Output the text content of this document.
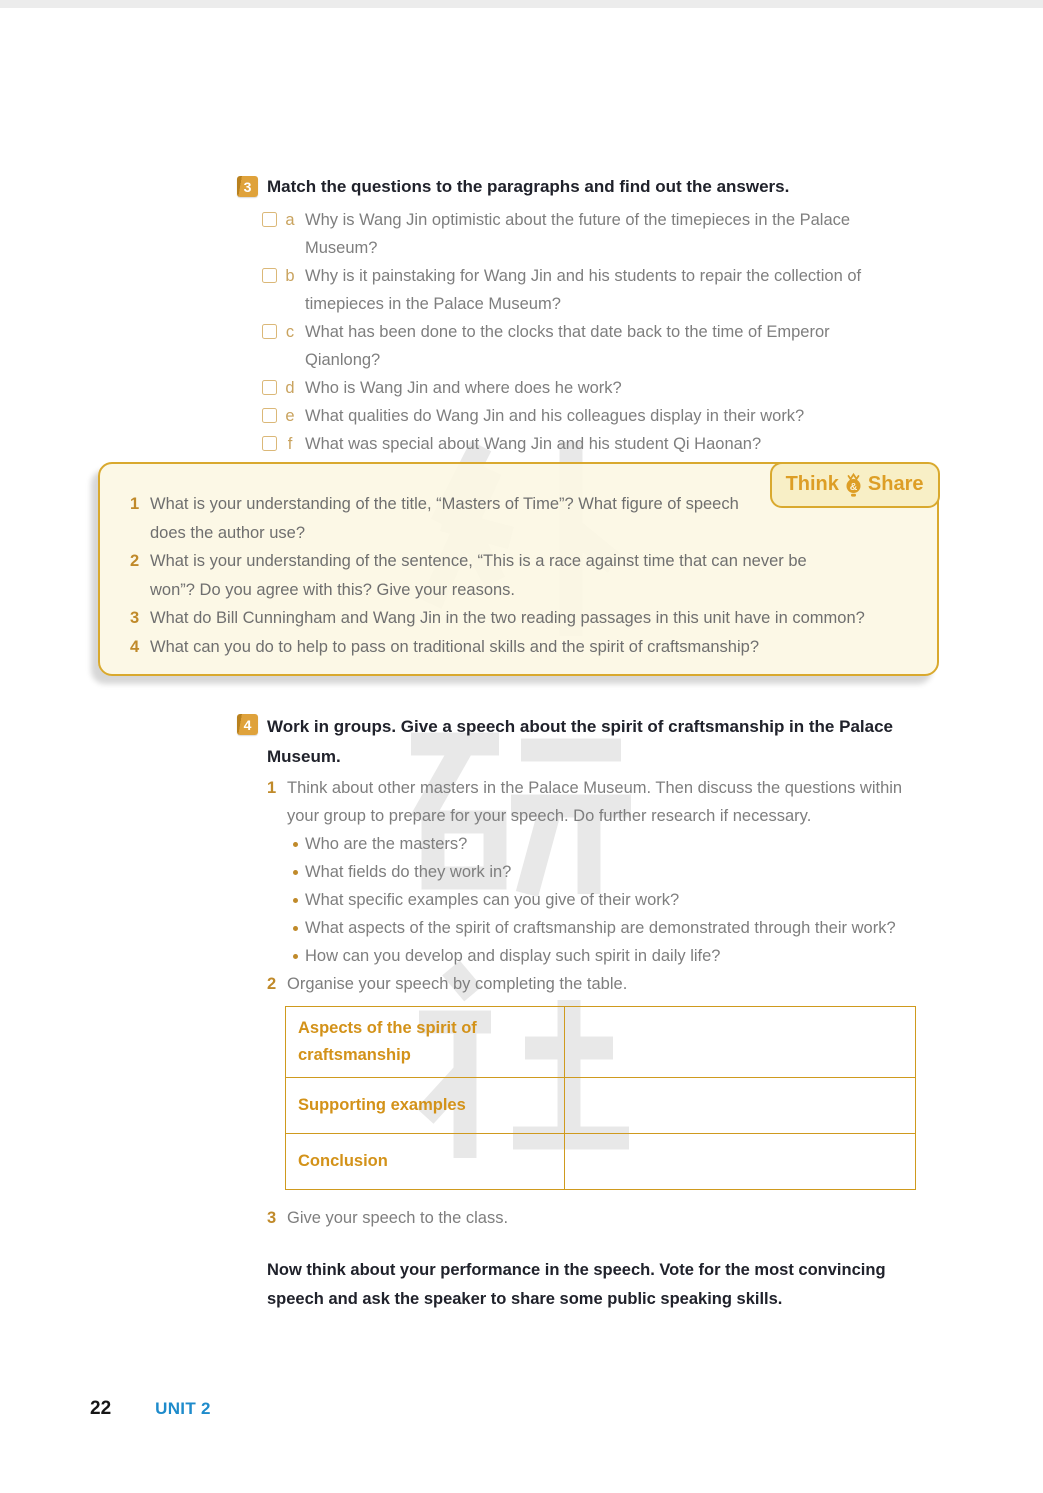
3 Match the questions to the paragraphs and find out the answers.
a Why is Wang Jin optimistic about the future of the timepieces in the Palace Museum?
b Why is it painstaking for Wang Jin and his students to repair the collection of timepieces in the Palace Museum?
c What has been done to the clocks that date back to the time of Emperor Qianlong?
d Who is Wang Jin and where does he work?
e What qualities do Wang Jin and his colleagues display in their work?
f What was special about Wang Jin and his student Qi Haonan?
Think & Share
1 What is your understanding of the title, “Masters of Time”? What figure of speech does the author use?
2 What is your understanding of the sentence, “This is a race against time that can never be won”? Do you agree with this? Give your reasons.
3 What do Bill Cunningham and Wang Jin in the two reading passages in this unit have in common?
4 What can you do to help to pass on traditional skills and the spirit of craftsmanship?
4 Work in groups. Give a speech about the spirit of craftsmanship in the Palace Museum.
1 Think about other masters in the Palace Museum. Then discuss the questions within your group to prepare for your speech. Do further research if necessary.
Who are the masters?
What fields do they work in?
What specific examples can you give of their work?
What aspects of the spirit of craftsmanship are demonstrated through their work?
How can you develop and display such spirit in daily life?
2 Organise your speech by completing the table.
Aspects of the spirit of craftsmanship	
Supporting examples	
Conclusion	
3 Give your speech to the class.

Now think about your performance in the speech. Vote for the most convincing speech and ask the speaker to share some public speaking skills.

22	UNIT 2
